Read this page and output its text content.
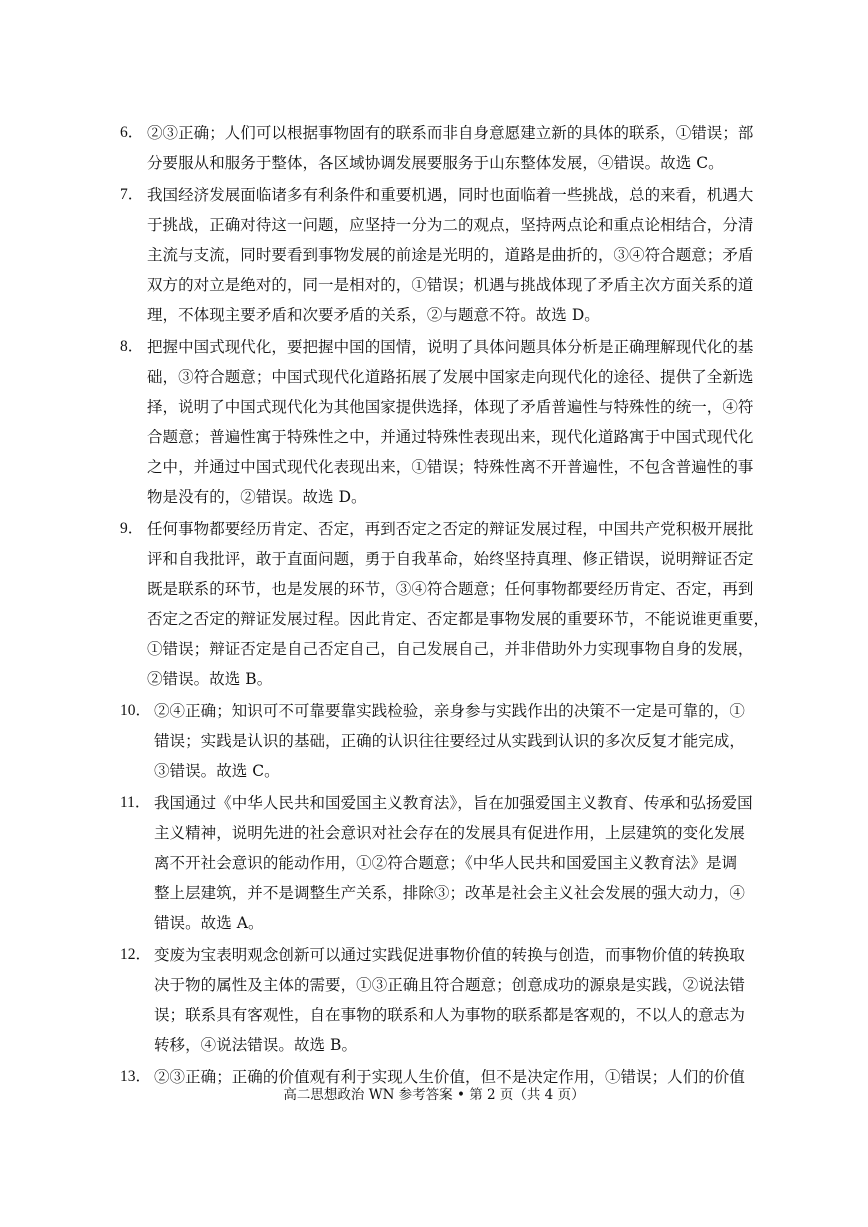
6． ②③正确；人们可以根据事物固有的联系而非自身意愿建立新的具体的联系，①错误；部
分要服从和服务于整体，各区域协调发展要服务于山东整体发展，④错误。故选 C。
7． 我国经济发展面临诸多有利条件和重要机遇，同时也面临着一些挑战，总的来看，机遇大
于挑战，正确对待这一问题，应坚持一分为二的观点，坚持两点论和重点论相结合，分清
主流与支流，同时要看到事物发展的前途是光明的，道路是曲折的，③④符合题意；矛盾
双方的对立是绝对的，同一是相对的，①错误；机遇与挑战体现了矛盾主次方面关系的道
理，不体现主要矛盾和次要矛盾的关系，②与题意不符。故选 D。
8． 把握中国式现代化，要把握中国的国情，说明了具体问题具体分析是正确理解现代化的基
础，③符合题意；中国式现代化道路拓展了发展中国家走向现代化的途径、提供了全新选
择，说明了中国式现代化为其他国家提供选择，体现了矛盾普遍性与特殊性的统一，④符
合题意；普遍性寓于特殊性之中，并通过特殊性表现出来，现代化道路寓于中国式现代化
之中，并通过中国式现代化表现出来，①错误；特殊性离不开普遍性，不包含普遍性的事
物是没有的，②错误。故选 D。
9． 任何事物都要经历肯定、否定，再到否定之否定的辩证发展过程，中国共产党积极开展批
评和自我批评，敢于直面问题，勇于自我革命，始终坚持真理、修正错误，说明辩证否定
既是联系的环节，也是发展的环节，③④符合题意；任何事物都要经历肯定、否定，再到
否定之否定的辩证发展过程。因此肯定、否定都是事物发展的重要环节，不能说谁更重要，
①错误；辩证否定是自己否定自己，自己发展自己，并非借助外力实现事物自身的发展，
②错误。故选 B。
10． ②④正确；知识可不可靠要靠实践检验，亲身参与实践作出的决策不一定是可靠的，①
错误；实践是认识的基础，正确的认识往往要经过从实践到认识的多次反复才能完成，
③错误。故选 C。
11． 我国通过《中华人民共和国爱国主义教育法》，旨在加强爱国主义教育、传承和弘扬爱国
主义精神，说明先进的社会意识对社会存在的发展具有促进作用，上层建筑的变化发展
离不开社会意识的能动作用，①②符合题意；《中华人民共和国爱国主义教育法》是调
整上层建筑，并不是调整生产关系，排除③；改革是社会主义社会发展的强大动力，④
错误。故选 A。
12． 变废为宝表明观念创新可以通过实践促进事物价值的转换与创造，而事物价值的转换取
决于物的属性及主体的需要，①③正确且符合题意；创意成功的源泉是实践，②说法错
误；联系具有客观性，自在事物的联系和人为事物的联系都是客观的，不以人的意志为
转移，④说法错误。故选 B。
13． ②③正确；正确的价值观有利于实现人生价值，但不是决定作用，①错误；人们的价值
高二思想政治 WN 参考答案 • 第 2 页（共 4 页）
